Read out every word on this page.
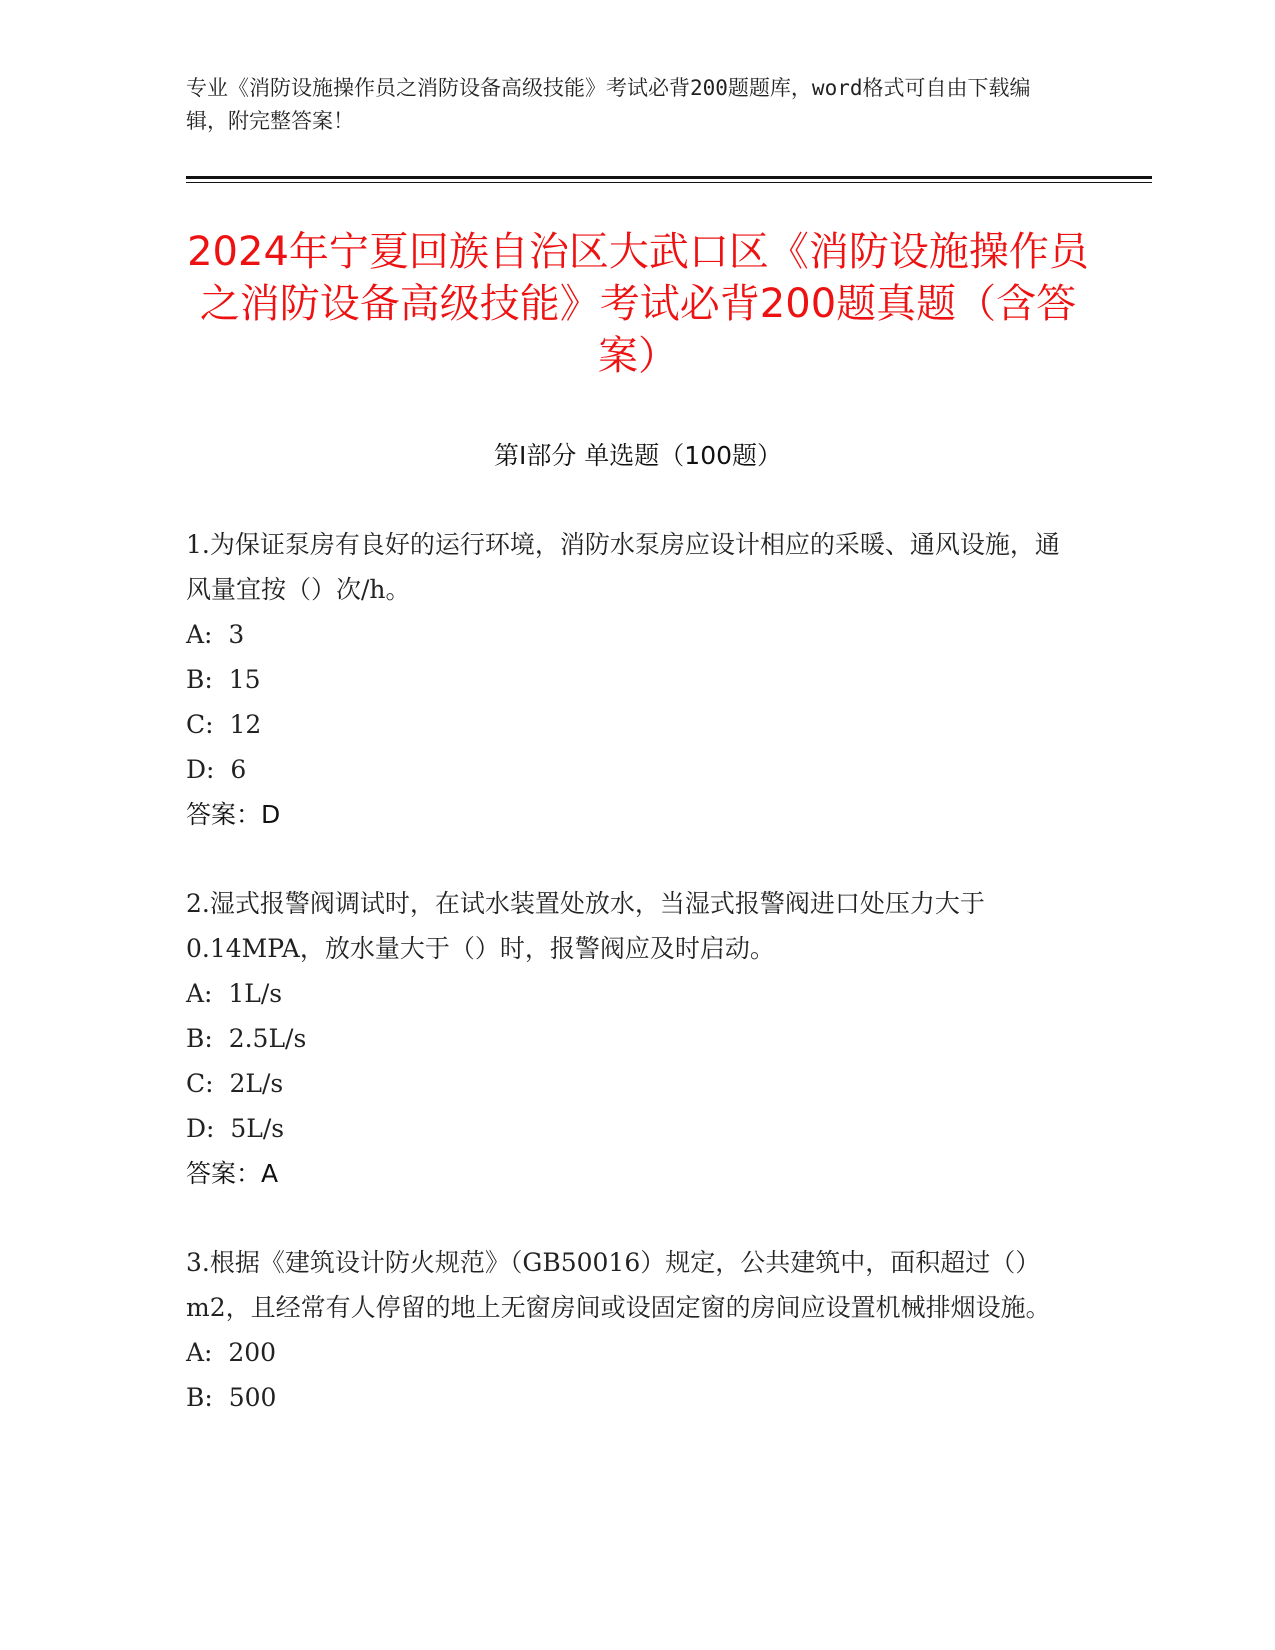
专业《消防设施操作员之消防设备高级技能》考试必背200题题库，word格式可自由下载编辑，附完整答案！
2024年宁夏回族自治区大武口区《消防设施操作员之消防设备高级技能》考试必背200题真题（含答案）
第Ⅰ部分 单选题（100题）

1.为保证泵房有良好的运行环境，消防水泵房应设计相应的采暖、通风设施，通风量宜按（）次/h。

A:  3

B:  15

C:  12

D:  6

答案：D

2.湿式报警阀调试时，在试水装置处放水，当湿式报警阀进口处压力大于0.14MPA，放水量大于（）时，报警阀应及时启动。

A:  1L/s

B:  2.5L/s

C:  2L/s

D:  5L/s

答案：A

3.根据《建筑设计防火规范》（GB50016）规定，公共建筑中，面积超过（）m2，且经常有人停留的地上无窗房间或设固定窗的房间应设置机械排烟设施。

A:  200

B:  500
